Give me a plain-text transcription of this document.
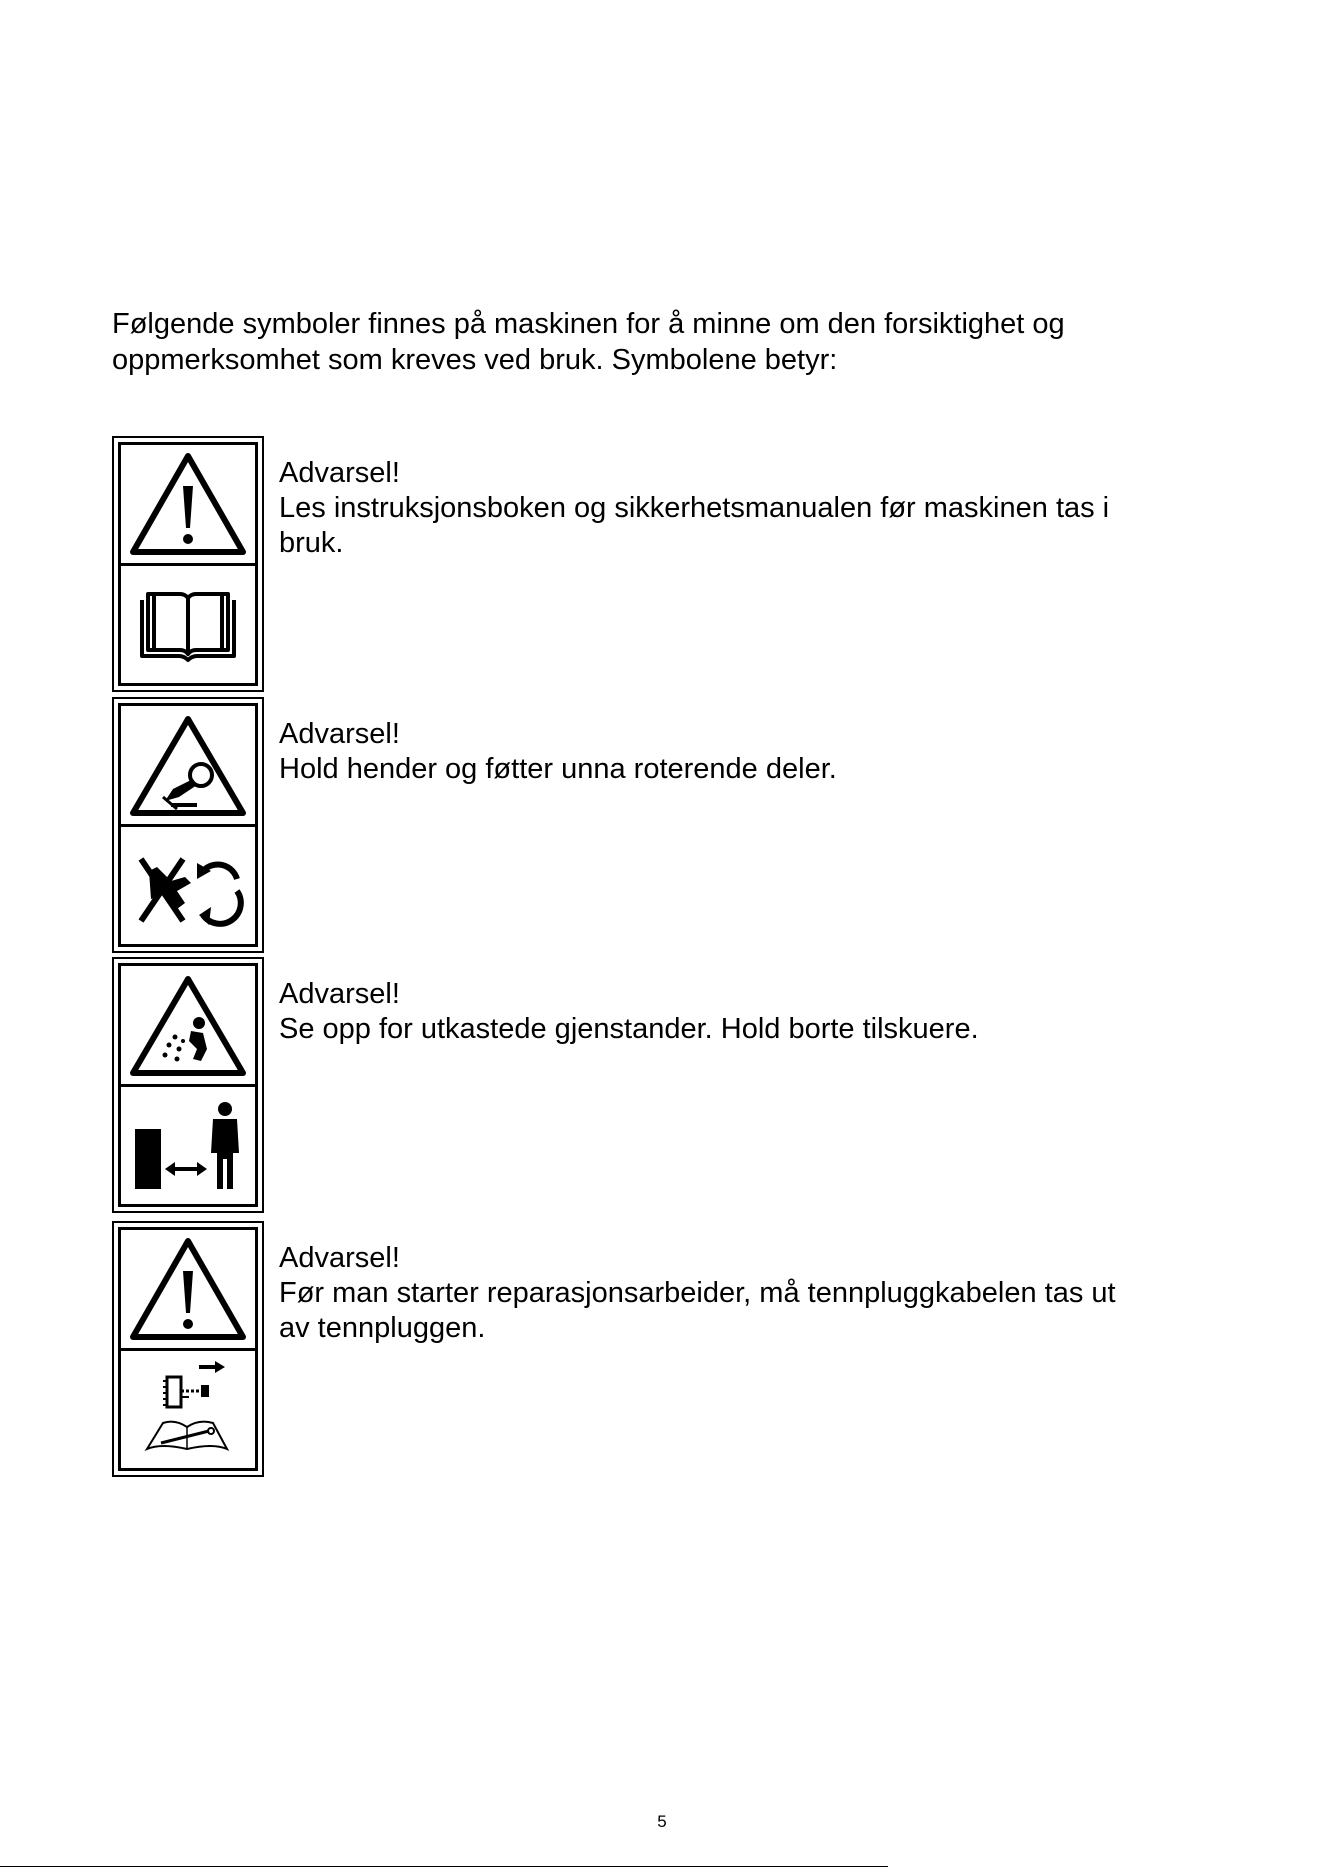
Følgende symboler finnes på maskinen for å minne om den forsiktighet og
oppmerksomhet som kreves ved bruk. Symbolene betyr:

Advarsel!
Les instruksjonsboken og sikkerhetsmanualen før maskinen tas i
bruk.

Advarsel!
Hold hender og føtter unna roterende deler.

Advarsel!
Se opp for utkastede gjenstander. Hold borte tilskuere.

Advarsel!
Før man starter reparasjonsarbeider, må tennpluggkabelen tas ut
av tennpluggen.

5
